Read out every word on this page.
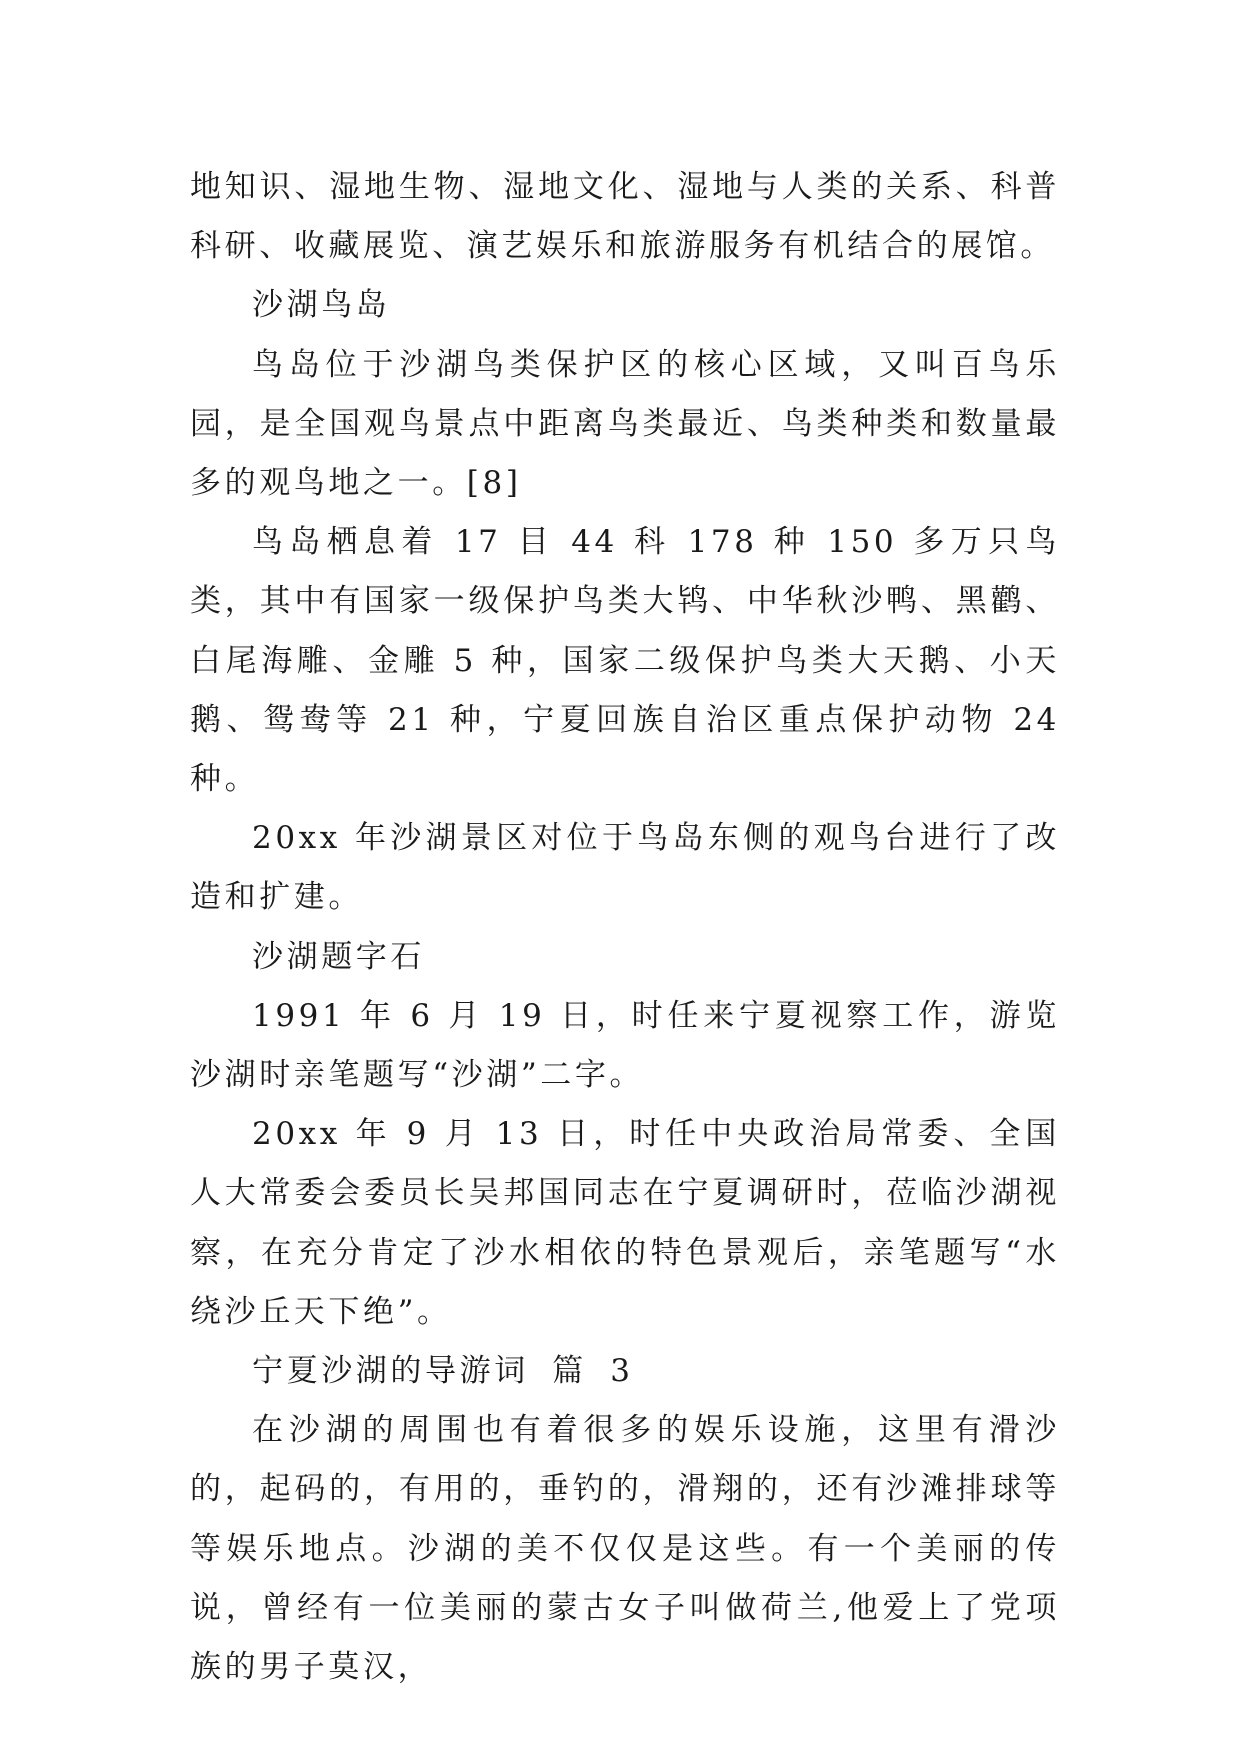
地知识、湿地生物、湿地文化、湿地与人类的关系、科普科研、收藏展览、演艺娱乐和旅游服务有机结合的展馆。

沙湖鸟岛

鸟岛位于沙湖鸟类保护区的核心区域，又叫百鸟乐园，是全国观鸟景点中距离鸟类最近、鸟类种类和数量最多的观鸟地之一。[8]

鸟岛栖息着 17 目 44 科 178 种 150 多万只鸟类，其中有国家一级保护鸟类大鸨、中华秋沙鸭、黑鹳、白尾海雕、金雕 5 种，国家二级保护鸟类大天鹅、小天鹅、鸳鸯等 21 种，宁夏回族自治区重点保护动物 24 种。

20xx 年沙湖景区对位于鸟岛东侧的观鸟台进行了改造和扩建。

沙湖题字石

1991 年 6 月 19 日，时任来宁夏视察工作，游览沙湖时亲笔题写“沙湖”二字。

20xx 年 9 月 13 日，时任中央政治局常委、全国人大常委会委员长吴邦国同志在宁夏调研时，莅临沙湖视察，在充分肯定了沙水相依的特色景观后，亲笔题写“水绕沙丘天下绝”。

宁夏沙湖的导游词 篇 3

在沙湖的周围也有着很多的娱乐设施，这里有滑沙的，起码的，有用的，垂钓的，滑翔的，还有沙滩排球等等娱乐地点。沙湖的美不仅仅是这些。有一个美丽的传说，曾经有一位美丽的蒙古女子叫做荷兰,他爱上了党项族的男子莫汉，
